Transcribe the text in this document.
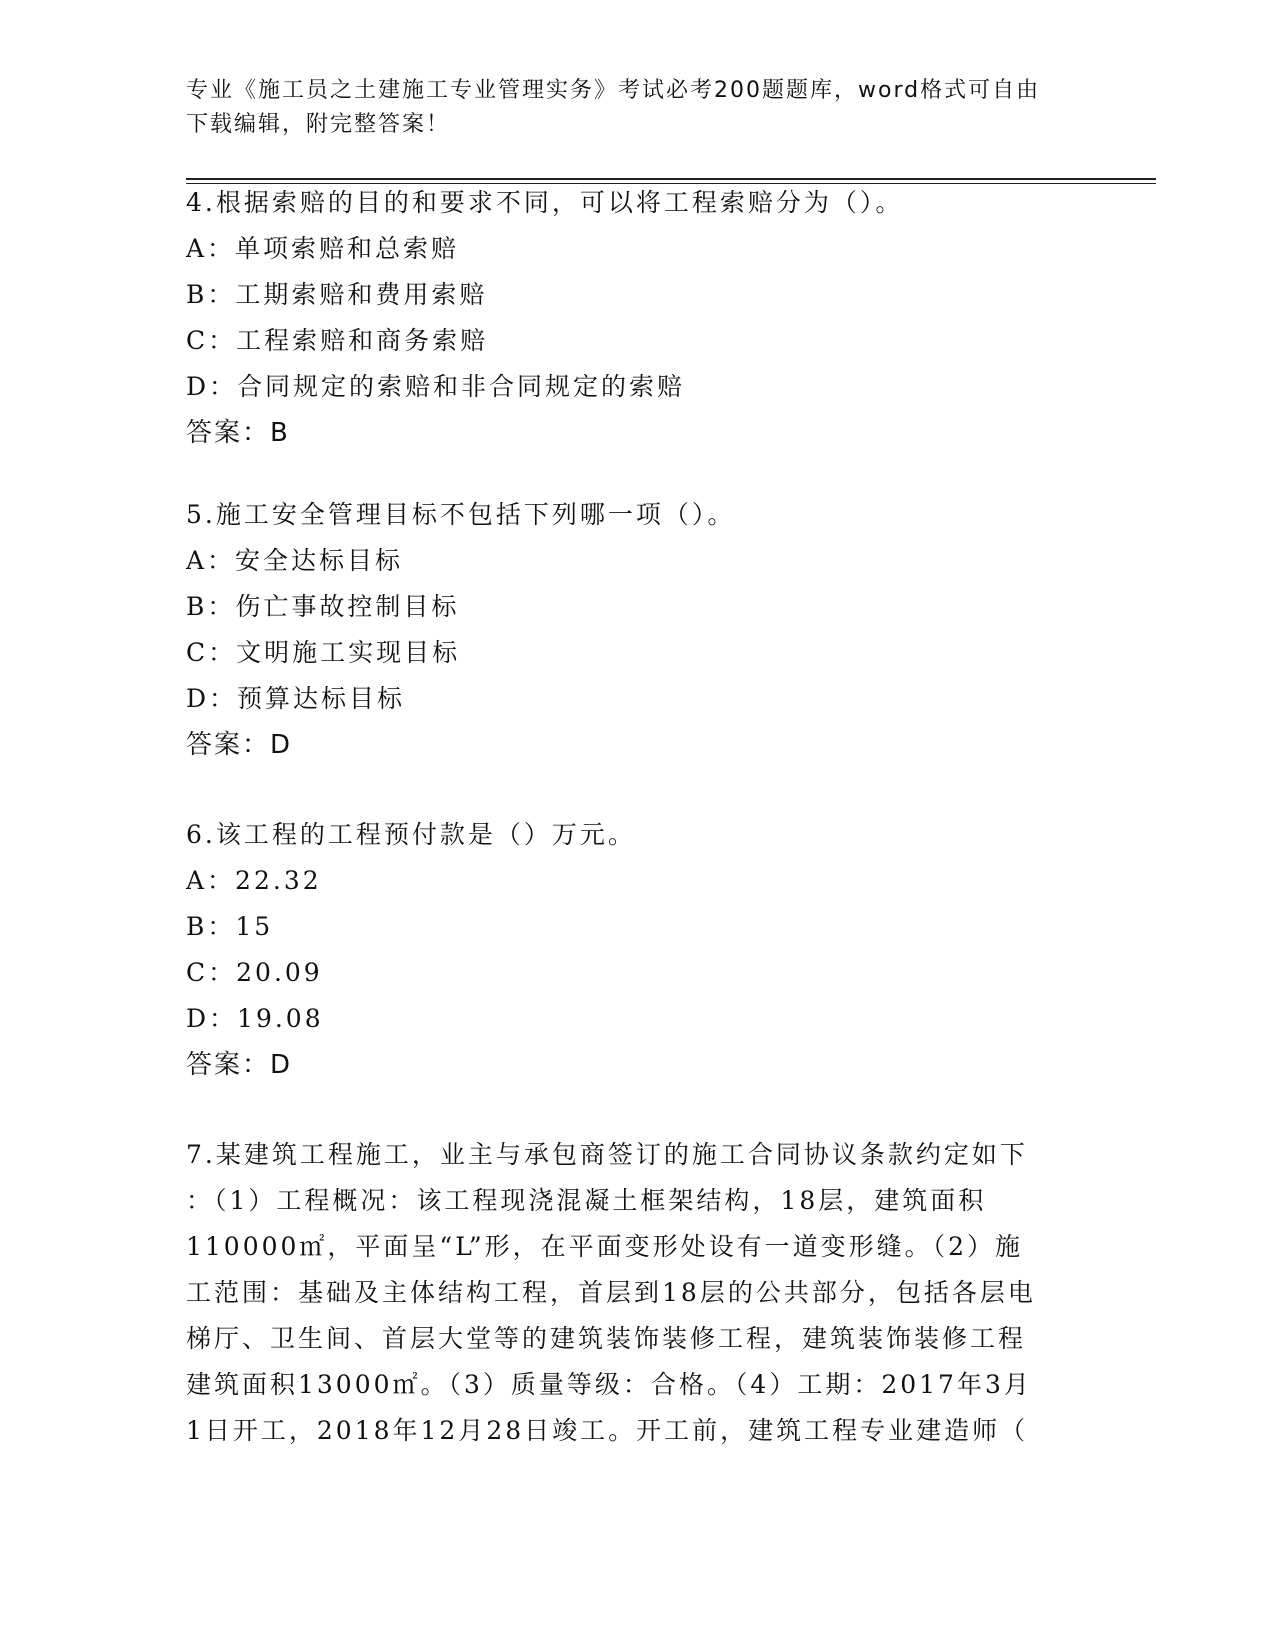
专业《施工员之土建施工专业管理实务》考试必考200题题库，word格式可自由
下载编辑，附完整答案！
4.根据索赔的目的和要求不同，可以将工程索赔分为（）。
A：单项索赔和总索赔
B：工期索赔和费用索赔
C：工程索赔和商务索赔
D：合同规定的索赔和非合同规定的索赔
答案：B
5.施工安全管理目标不包括下列哪一项（）。
A：安全达标目标
B：伤亡事故控制目标
C：文明施工实现目标
D：预算达标目标
答案：D
6.该工程的工程预付款是（）万元。
A：22.32
B：15
C：20.09
D：19.08
答案：D
7.某建筑工程施工，业主与承包商签订的施工合同协议条款约定如下
：（1）工程概况：该工程现浇混凝土框架结构，18层，建筑面积
110000㎡，平面呈“L”形，在平面变形处设有一道变形缝。（2）施
工范围：基础及主体结构工程，首层到18层的公共部分，包括各层电
梯厅、卫生间、首层大堂等的建筑装饰装修工程，建筑装饰装修工程
建筑面积13000㎡。（3）质量等级：合格。（4）工期：2017年3月
1日开工，2018年12月28日竣工。开工前，建筑工程专业建造师（
